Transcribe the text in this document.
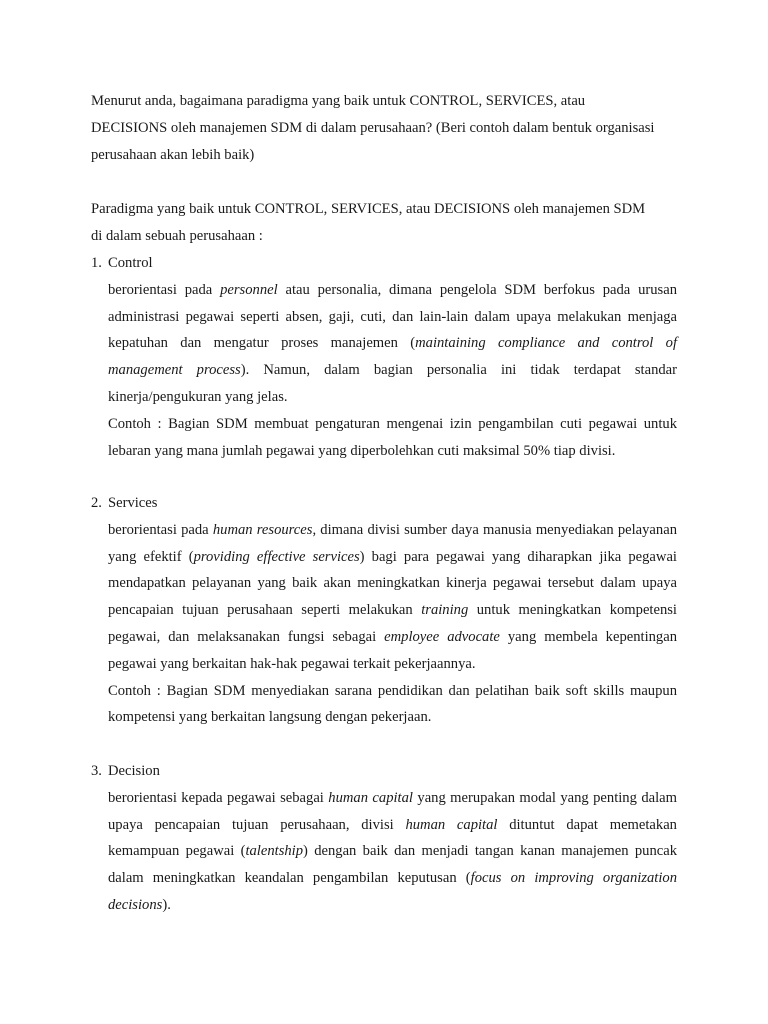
Menurut anda, bagaimana paradigma yang baik untuk CONTROL, SERVICES, atau
DECISIONS oleh manajemen SDM di dalam perusahaan? (Beri contoh dalam bentuk organisasi
perusahaan akan lebih baik)
Paradigma yang baik untuk CONTROL, SERVICES, atau DECISIONS oleh manajemen SDM
di dalam sebuah perusahaan :
1. Control

berorientasi pada personnel atau personalia, dimana pengelola SDM berfokus pada urusan administrasi pegawai seperti absen, gaji, cuti, dan lain-lain dalam upaya melakukan menjaga kepatuhan dan mengatur proses manajemen (maintaining compliance and control of management process). Namun, dalam bagian personalia ini tidak terdapat standar kinerja/pengukuran yang jelas.

Contoh : Bagian SDM membuat pengaturan mengenai izin pengambilan cuti pegawai untuk lebaran yang mana jumlah pegawai yang diperbolehkan cuti maksimal 50% tiap divisi.

2. Services

berorientasi pada human resources, dimana divisi sumber daya manusia menyediakan pelayanan yang efektif (providing effective services) bagi para pegawai yang diharapkan jika pegawai mendapatkan pelayanan yang baik akan meningkatkan kinerja pegawai tersebut dalam upaya pencapaian tujuan perusahaan seperti melakukan training untuk meningkatkan kompetensi pegawai, dan melaksanakan fungsi sebagai employee advocate yang membela kepentingan pegawai yang berkaitan hak-hak pegawai terkait pekerjaannya.

Contoh : Bagian SDM menyediakan sarana pendidikan dan pelatihan baik soft skills maupun kompetensi yang berkaitan langsung dengan pekerjaan.

3. Decision

berorientasi kepada pegawai sebagai human capital yang merupakan modal yang penting dalam upaya pencapaian tujuan perusahaan, divisi human capital dituntut dapat memetakan kemampuan pegawai (talentship) dengan baik dan menjadi tangan kanan manajemen puncak dalam meningkatkan keandalan pengambilan keputusan (focus on improving organization decisions).
